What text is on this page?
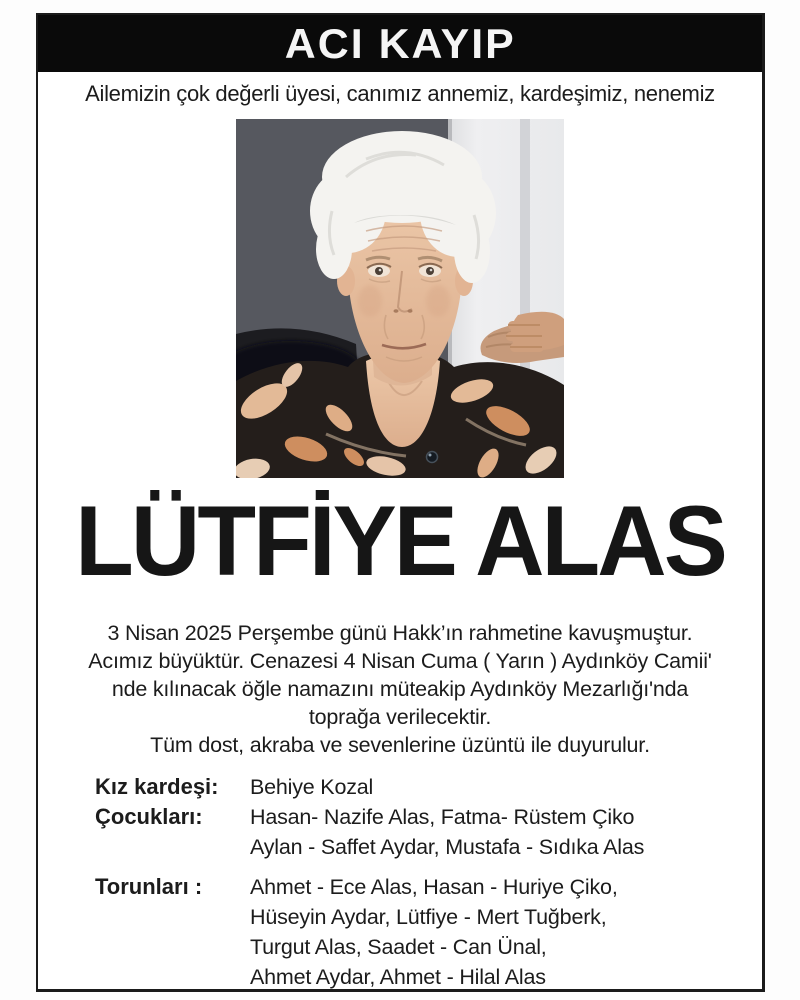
ACI KAYIP
Ailemizin çok değerli üyesi, canımız annemiz, kardeşimiz, nenemiz
LÜTFİYE ALAS
3 Nisan 2025 Perşembe günü Hakk’ın rahmetine kavuşmuştur.
Acımız büyüktür. Cenazesi 4 Nisan Cuma ( Yarın ) Aydınköy Camii'
nde kılınacak öğle namazını müteakip Aydınköy Mezarlığı'nda
toprağa verilecektir.
Tüm dost, akraba ve sevenlerine üzüntü ile duyurulur.
Kız kardeşi:	Behiye Kozal
Çocukları:	Hasan- Nazife Alas, Fatma- Rüstem Çiko
Aylan - Saffet Aydar, Mustafa - Sıdıka Alas
Torunları :	Ahmet - Ece Alas, Hasan - Huriye Çiko,
Hüseyin Aydar, Lütfiye - Mert Tuğberk,
Turgut Alas, Saadet - Can Ünal,
Ahmet Aydar, Ahmet - Hilal Alas
